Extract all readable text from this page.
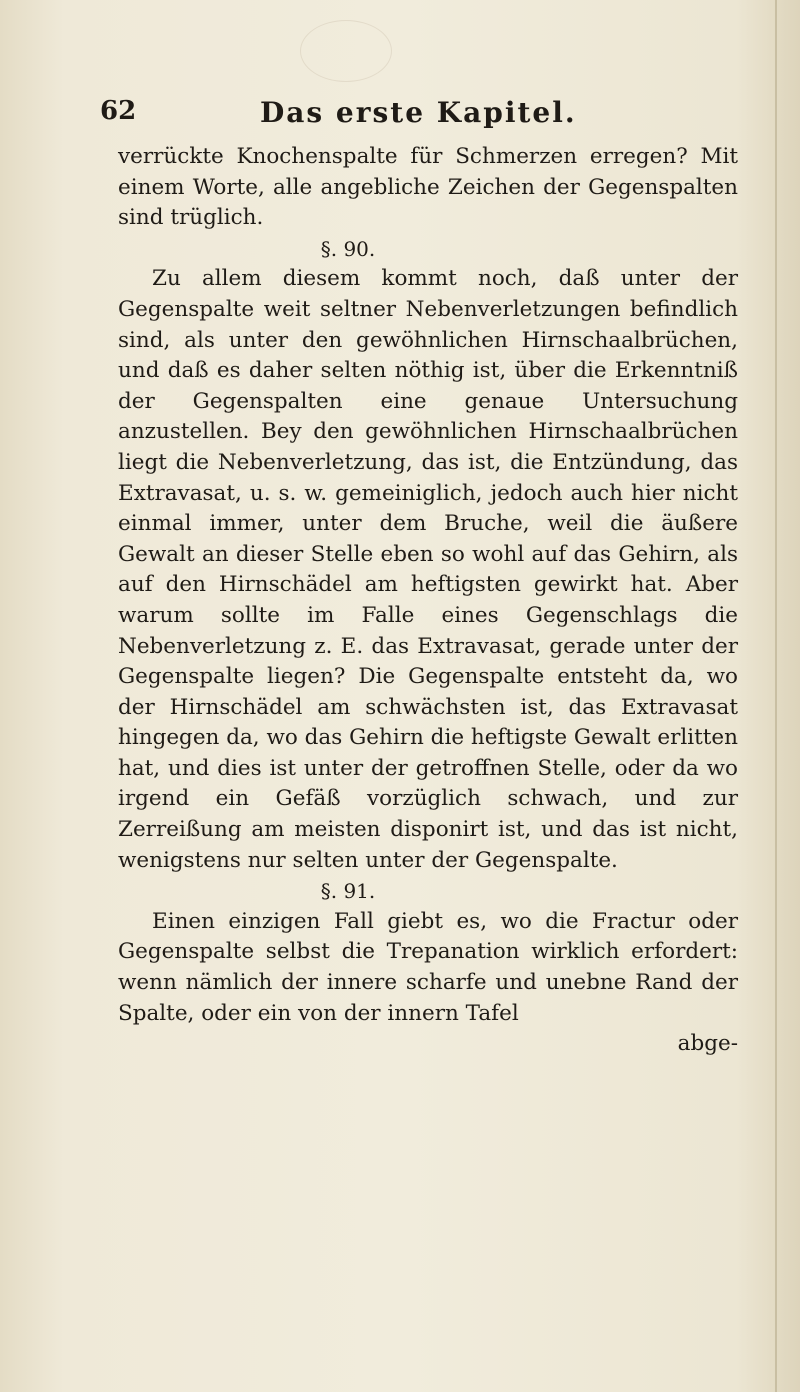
62	Das erste Kapitel.

verrückte Knochenspalte für Schmerzen erregen? Mit einem Worte, alle angebliche Zeichen der Gegenspalten sind trüglich.

§. 90.

Zu allem diesem kommt noch, daß unter der Gegenspalte weit seltner Nebenverletzungen befindlich sind, als unter den gewöhnlichen Hirnschaalbrüchen, und daß es daher selten nöthig ist, über die Erkenntniß der Gegenspalten eine genaue Untersuchung anzustellen. Bey den gewöhnlichen Hirnschaalbrüchen liegt die Nebenverletzung, das ist, die Entzündung, das Extravasat, u. s. w. gemeiniglich, jedoch auch hier nicht einmal immer, unter dem Bruche, weil die äußere Gewalt an dieser Stelle eben so wohl auf das Gehirn, als auf den Hirnschädel am heftigsten gewirkt hat. Aber warum sollte im Falle eines Gegenschlags die Nebenverletzung z. E. das Extravasat, gerade unter der Gegenspalte liegen? Die Gegenspalte entsteht da, wo der Hirnschädel am schwächsten ist, das Extravasat hingegen da, wo das Gehirn die heftigste Gewalt erlitten hat, und dies ist unter der getroffnen Stelle, oder da wo irgend ein Gefäß vorzüglich schwach, und zur Zerreißung am meisten disponirt ist, und das ist nicht, wenigstens nur selten unter der Gegenspalte.

§. 91.

Einen einzigen Fall giebt es, wo die Fractur oder Gegenspalte selbst die Trepanation wirklich erfordert: wenn nämlich der innere scharfe und unebne Rand der Spalte, oder ein von der innern Tafel

abge-
